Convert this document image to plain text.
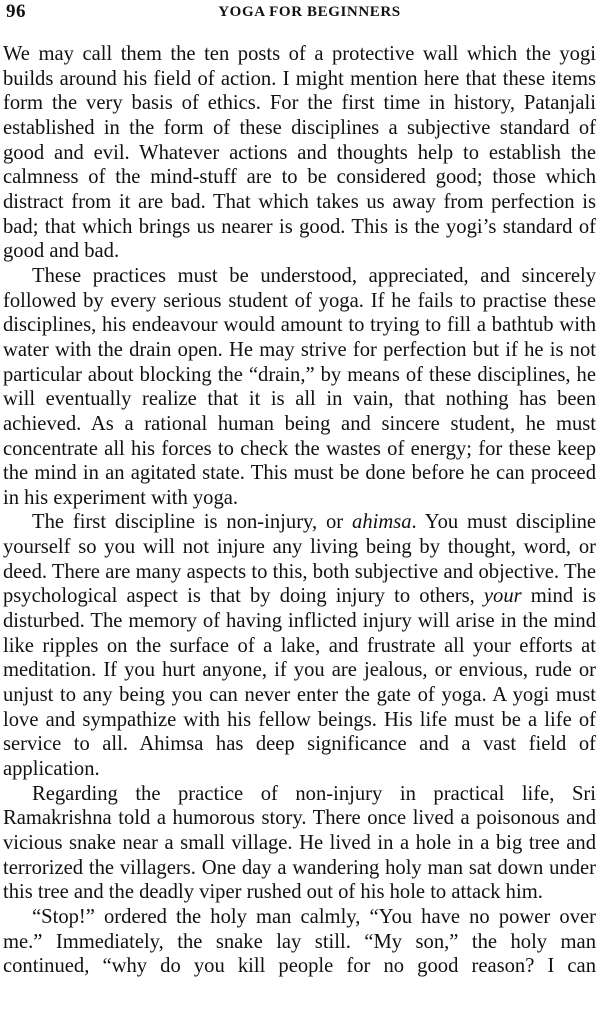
96	YOGA FOR BEGINNERS

We may call them the ten posts of a protective wall which the yogi builds around his field of action. I might mention here that these items form the very basis of ethics. For the first time in history, Patanjali established in the form of these disciplines a subjective standard of good and evil. Whatever actions and thoughts help to establish the calmness of the mind-stuff are to be considered good; those which distract from it are bad. That which takes us away from perfection is bad; that which brings us nearer is good. This is the yogi’s standard of good and bad.

These practices must be understood, appreciated, and sincerely followed by every serious student of yoga. If he fails to practise these disciplines, his endeavour would amount to trying to fill a bathtub with water with the drain open. He may strive for perfection but if he is not particular about blocking the “drain,” by means of these disciplines, he will eventually realize that it is all in vain, that nothing has been achieved. As a rational human being and sincere student, he must concentrate all his forces to check the wastes of energy; for these keep the mind in an agitated state. This must be done before he can proceed in his experiment with yoga.

The first discipline is non-injury, or ahimsa. You must discipline yourself so you will not injure any living being by thought, word, or deed. There are many aspects to this, both subjective and objective. The psychological aspect is that by doing injury to others, your mind is disturbed. The memory of having inflicted injury will arise in the mind like ripples on the surface of a lake, and frustrate all your efforts at meditation. If you hurt anyone, if you are jealous, or envious, rude or unjust to any being you can never enter the gate of yoga. A yogi must love and sympathize with his fellow beings. His life must be a life of service to all. Ahimsa has deep significance and a vast field of application.

Regarding the practice of non-injury in practical life, Sri Ramakrishna told a humorous story. There once lived a poisonous and vicious snake near a small village. He lived in a hole in a big tree and terrorized the villagers. One day a wandering holy man sat down under this tree and the deadly viper rushed out of his hole to attack him.

“Stop!” ordered the holy man calmly, “You have no power over me.” Immediately, the snake lay still. “My son,” the holy man continued, “why do you kill people for no good reason? I can
